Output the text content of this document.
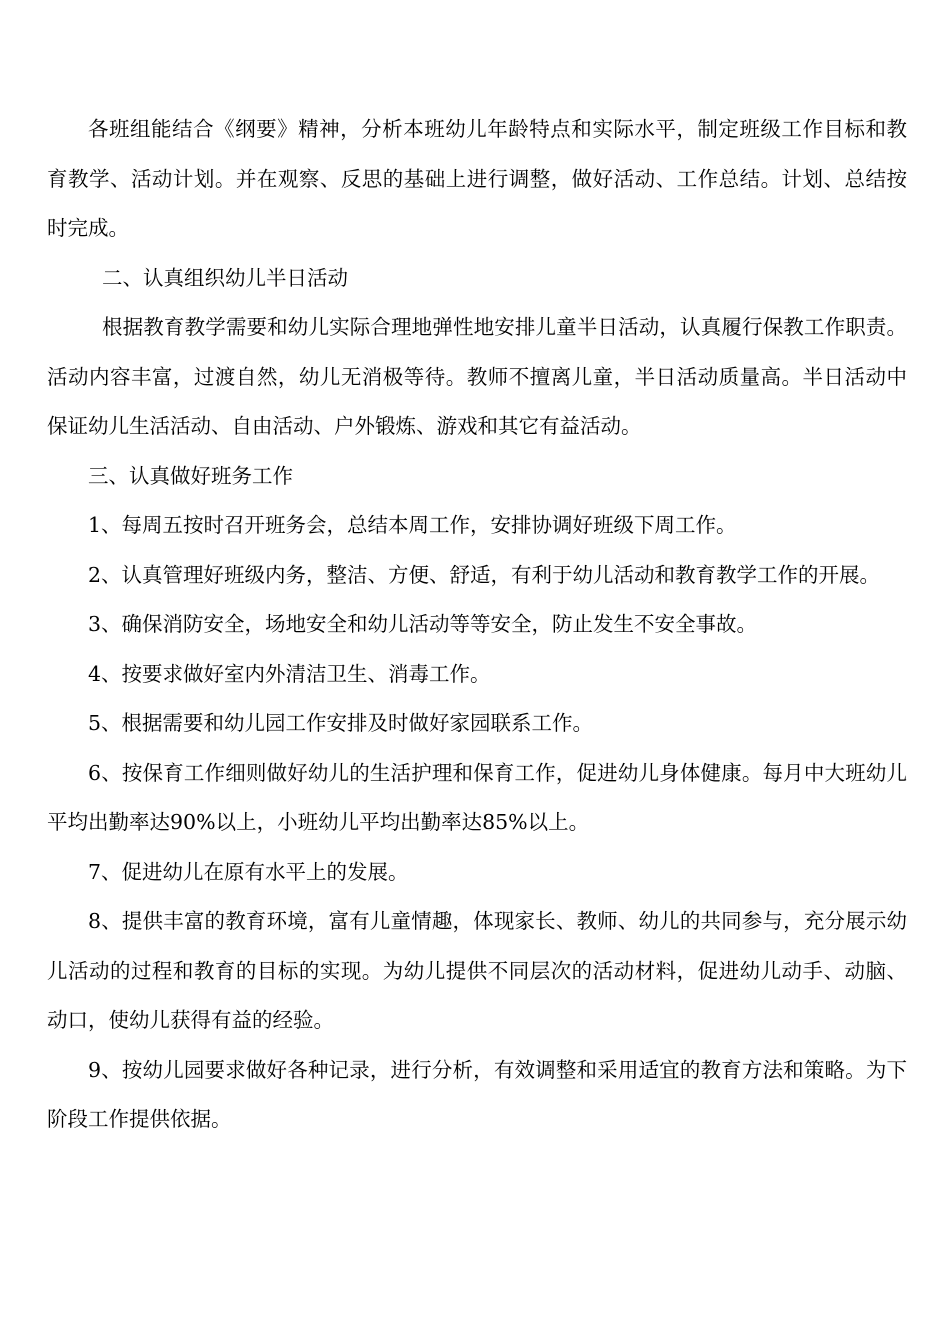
各班组能结合《纲要》精神，分析本班幼儿年龄特点和实际水平，制定班级工作目标和教育教学、活动计划。并在观察、反思的基础上进行调整，做好活动、工作总结。计划、总结按时完成。

二、认真组织幼儿半日活动

根据教育教学需要和幼儿实际合理地弹性地安排儿童半日活动，认真履行保教工作职责。活动内容丰富，过渡自然，幼儿无消极等待。教师不擅离儿童，半日活动质量高。半日活动中保证幼儿生活活动、自由活动、户外锻炼、游戏和其它有益活动。

三、认真做好班务工作

1、每周五按时召开班务会，总结本周工作，安排协调好班级下周工作。

2、认真管理好班级内务，整洁、方便、舒适，有利于幼儿活动和教育教学工作的开展。

3、确保消防安全，场地安全和幼儿活动等等安全，防止发生不安全事故。

4、按要求做好室内外清洁卫生、消毒工作。

5、根据需要和幼儿园工作安排及时做好家园联系工作。

6、按保育工作细则做好幼儿的生活护理和保育工作，促进幼儿身体健康。每月中大班幼儿平均出勤率达90%以上，小班幼儿平均出勤率达85%以上。

7、促进幼儿在原有水平上的发展。

8、提供丰富的教育环境，富有儿童情趣，体现家长、教师、幼儿的共同参与，充分展示幼儿活动的过程和教育的目标的实现。为幼儿提供不同层次的活动材料，促进幼儿动手、动脑、动口，使幼儿获得有益的经验。

9、按幼儿园要求做好各种记录，进行分析，有效调整和采用适宜的教育方法和策略。为下阶段工作提供依据。
